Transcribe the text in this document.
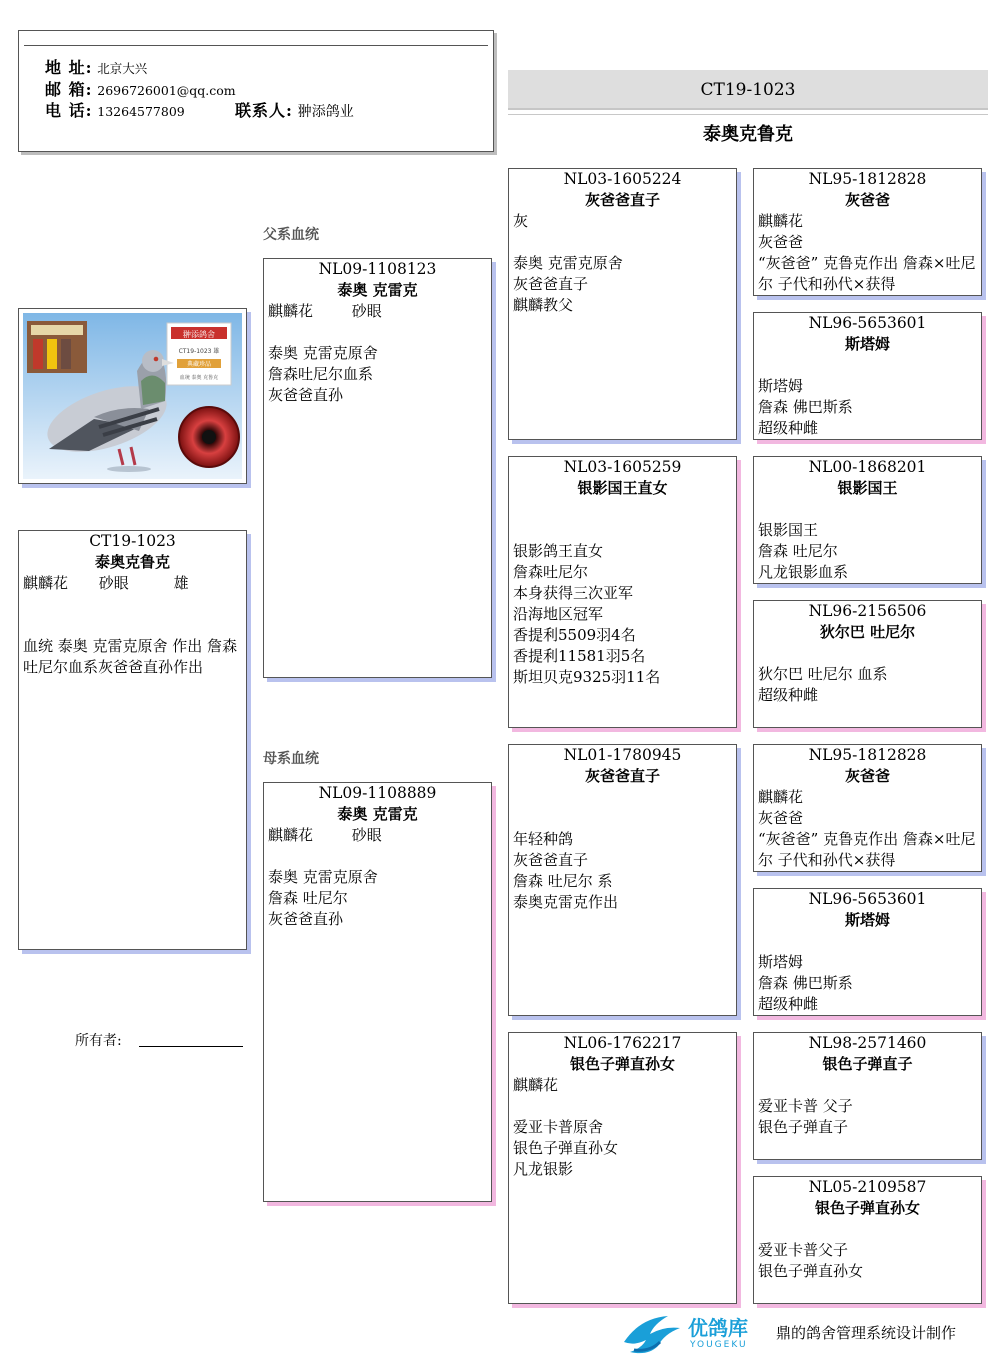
地 址: 北京大兴
邮 箱: 2696726001@qq.com
电 话: 13264577809	联系人: 翀添鸽业
CT19-1023
泰奥克鲁克
父系血统
母系血统
翀添鸽舍
CT19-1023 雄
典藏珍品
血统 泰奥 克鲁克
CT19-1023
泰奥克鲁克
麒麟花 砂眼	雄
血统 泰奥 克雷克原舍 作出 詹森吐尼尔血系灰爸爸直孙作出
所有者:
NL09-1108123
泰奥 克雷克
麒麟花	砂眼
泰奥 克雷克原舍
詹森吐尼尔血系
灰爸爸直孙
NL09-1108889
泰奥 克雷克
麒麟花	砂眼
泰奥 克雷克原舍
詹森 吐尼尔
灰爸爸直孙
NL03-1605224
灰爸爸直子
灰
泰奥 克雷克原舍
灰爸爸直子
麒麟教父
NL03-1605259
银影国王直女
银影鸽王直女
詹森吐尼尔
本身获得三次亚军
沿海地区冠军
香提利5509羽4名
香提利11581羽5名
斯坦贝克9325羽11名
NL01-1780945
灰爸爸直子
年轻种鸽
灰爸爸直子
詹森 吐尼尔 系
泰奥克雷克作出
NL06-1762217
银色子弹直孙女
麒麟花
爱亚卡普原舍
银色子弹直孙女
凡龙银影
NL95-1812828
灰爸爸
麒麟花
灰爸爸
“灰爸爸” 克鲁克作出 詹森×吐尼尔 子代和孙代×获得
NL96-5653601
斯塔姆
斯塔姆
詹森 佛巴斯系
超级种雌
NL00-1868201
银影国王
银影国王
詹森 吐尼尔
凡龙银影血系
NL96-2156506
狄尔巴 吐尼尔
狄尔巴 吐尼尔 血系
超级种雌
NL95-1812828
灰爸爸
麒麟花
灰爸爸
“灰爸爸” 克鲁克作出 詹森×吐尼尔 子代和孙代×获得
NL96-5653601
斯塔姆
斯塔姆
詹森 佛巴斯系
超级种雌
NL98-2571460
银色子弹直子
爱亚卡普 父子
银色子弹直子
NL05-2109587
银色子弹直孙女
爱亚卡普父子
银色子弹直孙女
优鸽库
YOUGEKU
鼎的鸽舍管理系统设计制作
